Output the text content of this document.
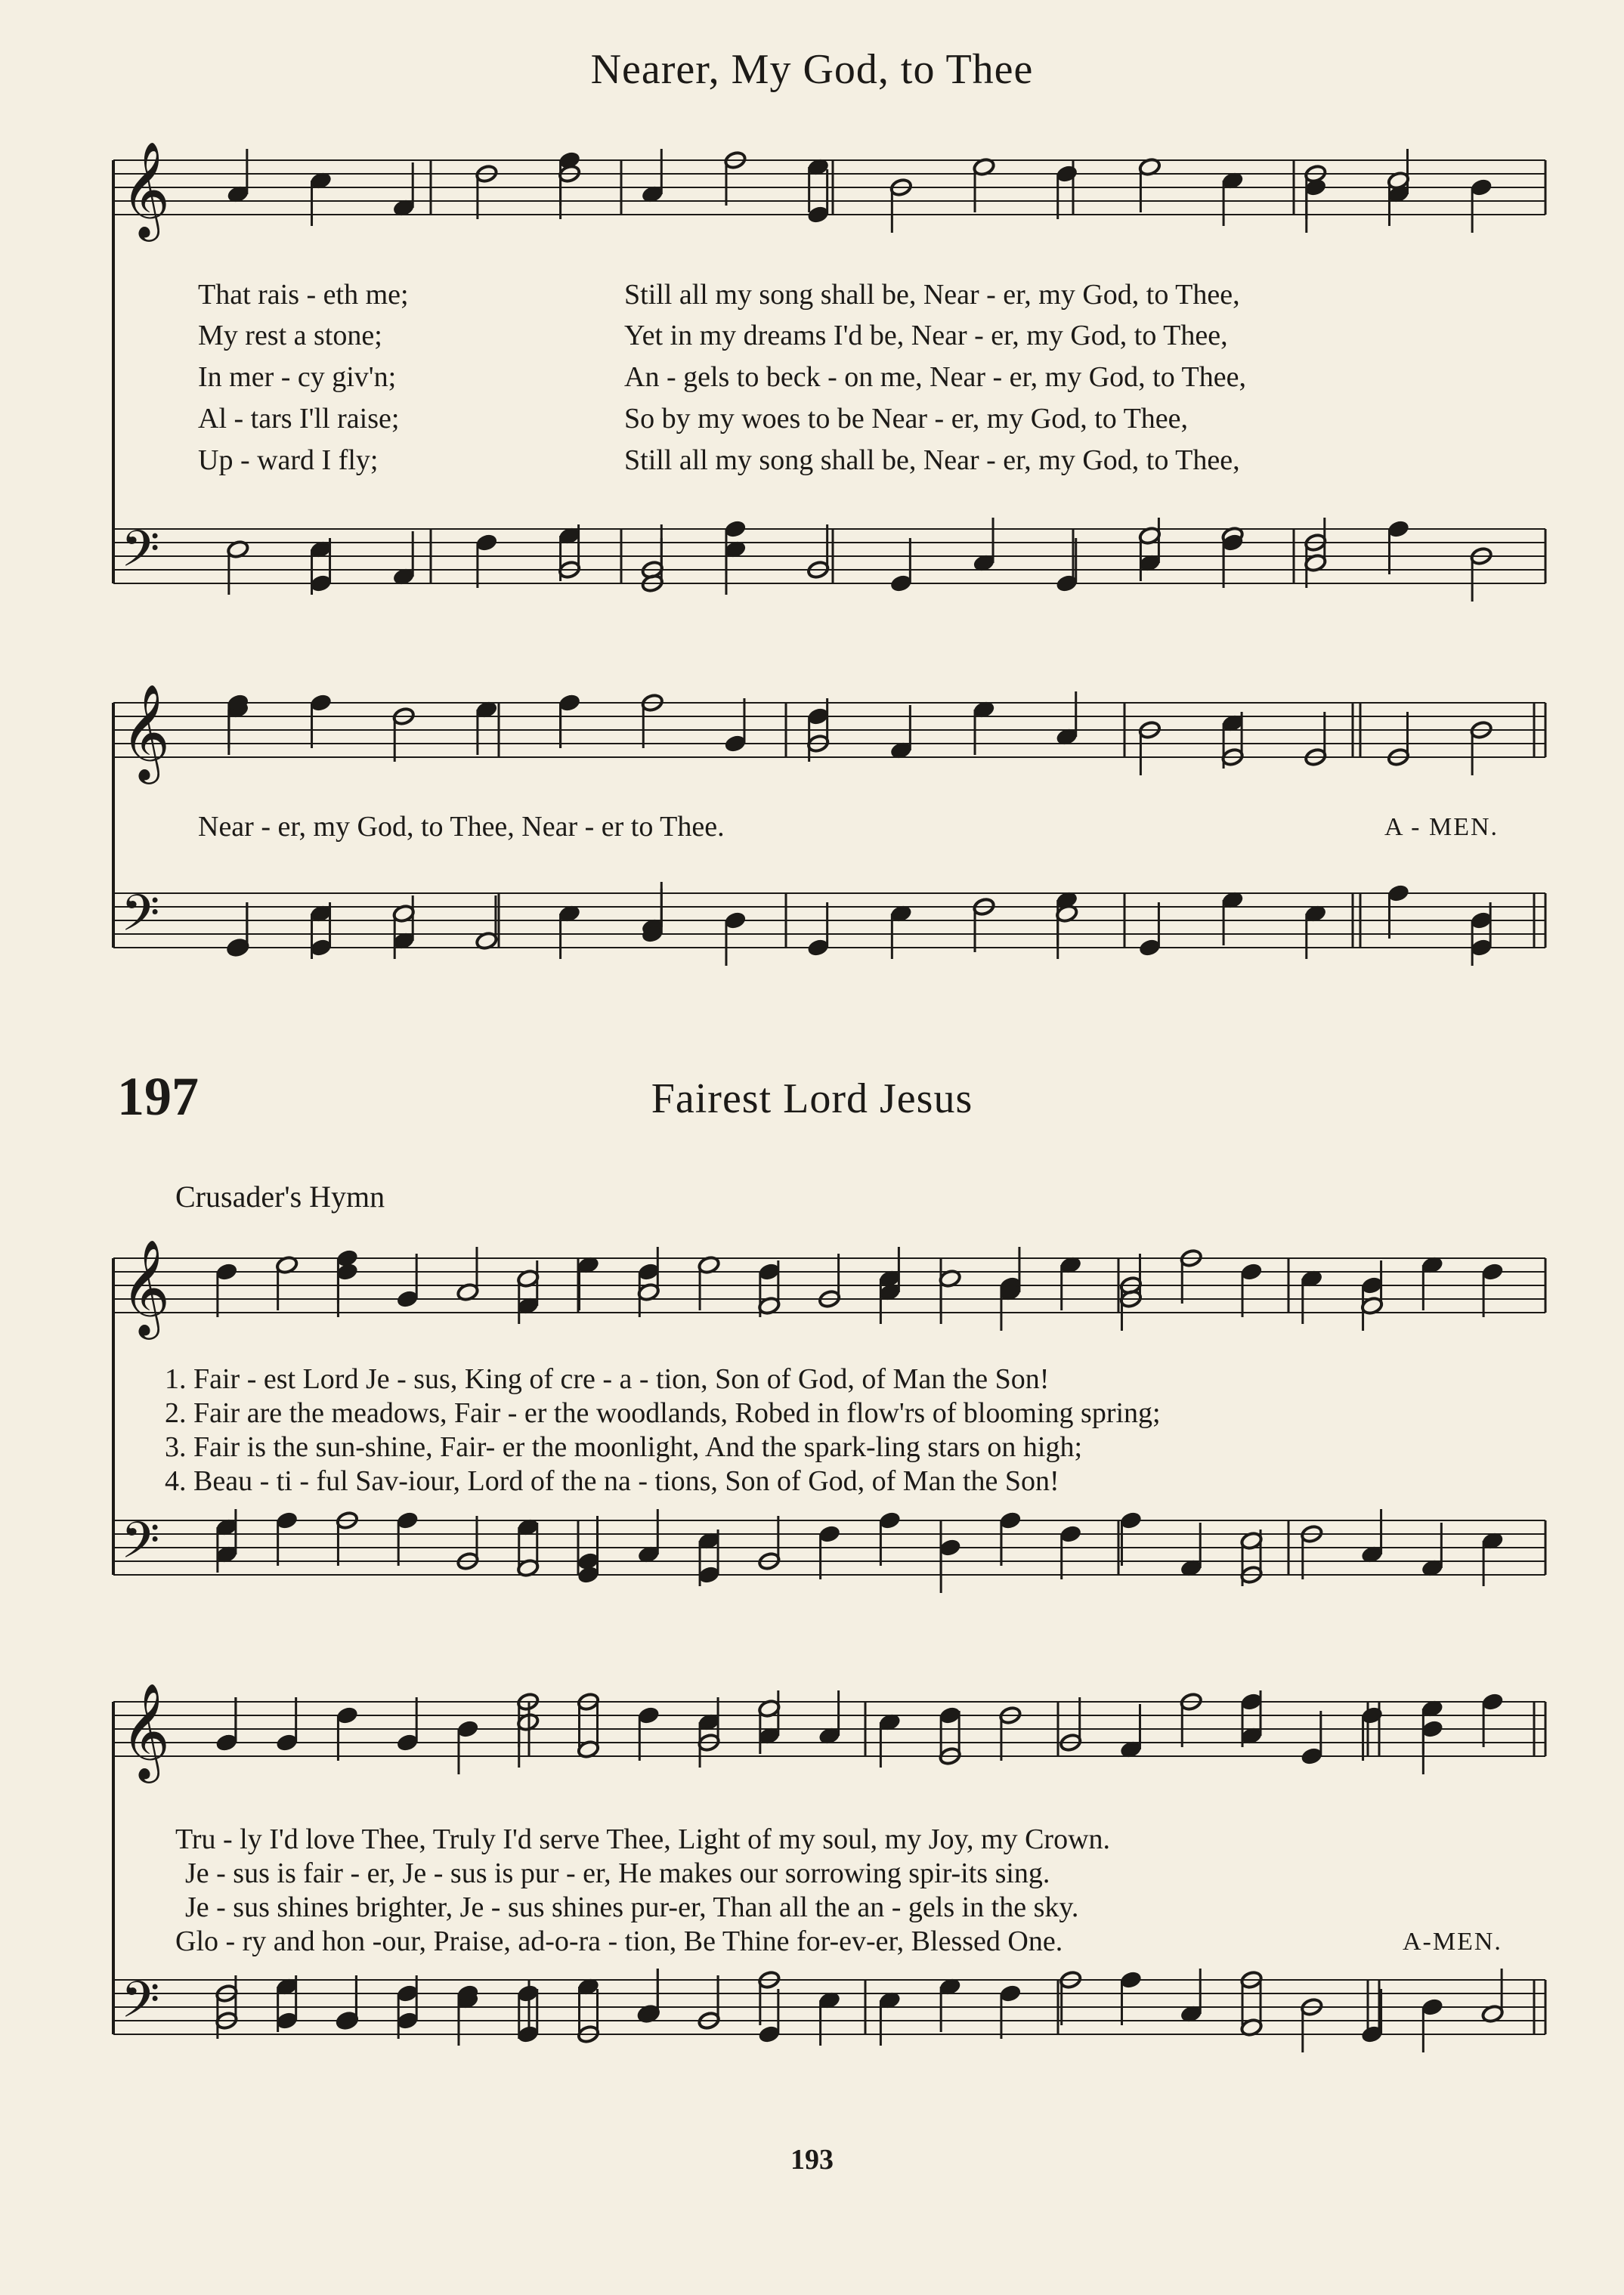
𝄞
𝄞
𝄞
𝄞
𝄢
𝄢
𝄢
𝄢
Nearer, My God, to Thee
That rais - eth me;
My rest a stone;
In mer - cy giv'n;
Al - tars I'll raise;
Up - ward I fly;
Still all my song shall be, Near - er, my God, to Thee,
Yet in my dreams I'd be, Near - er, my God, to Thee,
An - gels to beck - on me, Near - er, my God, to Thee,
So by my woes to be Near - er, my God, to Thee,
Still all my song shall be, Near - er, my God, to Thee,
Near - er, my God, to Thee, Near - er to Thee.	A - MEN.
197	Fairest Lord Jesus
Crusader's Hymn
1. Fair - est Lord Je - sus, King of cre - a - tion, Son of God, of Man the Son!
2. Fair are the meadows, Fair - er the woodlands, Robed in flow'rs of blooming spring;
3. Fair is the sun-shine, Fair- er the moonlight, And the spark-ling stars on high;
4. Beau - ti - ful Sav-iour, Lord of the na - tions, Son of God, of Man the Son!
Tru - ly I'd love Thee, Truly I'd serve Thee, Light of my soul, my Joy, my Crown.
Je - sus is fair - er, Je - sus is pur - er, He makes our sorrowing spir-its sing.
Je - sus shines brighter, Je - sus shines pur-er, Than all the an - gels in the sky.
Glo - ry and hon -our, Praise, ad-o-ra - tion, Be Thine for-ev-er, Blessed One.	A-MEN.
193
